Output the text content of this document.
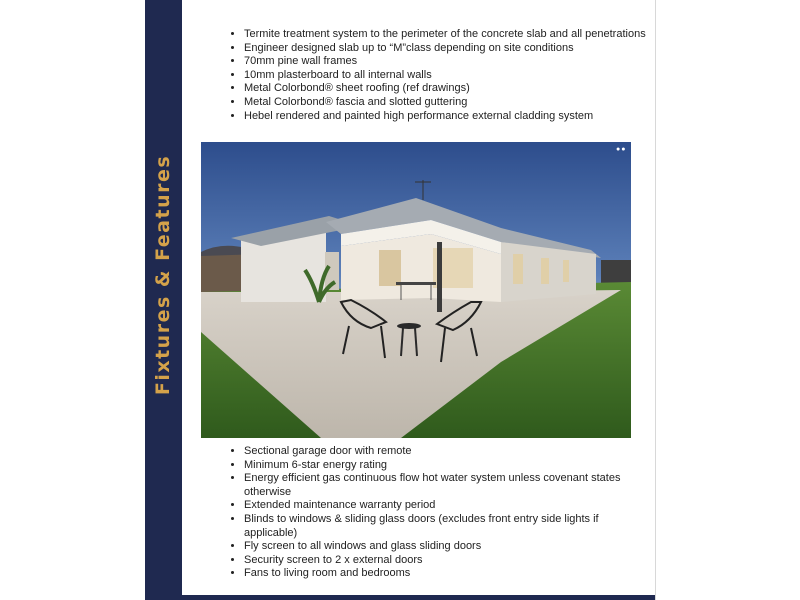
Fixtures & Features
• Termite treatment system to the perimeter of the concrete slab and all penetrations
• Engineer designed slab up to “M”class depending on site conditions
• 70mm pine wall frames
• 10mm plasterboard to all internal walls
• Metal Colorbond® sheet roofing (ref drawings)
• Metal Colorbond® fascia and slotted guttering
• Hebel rendered and painted high performance external cladding system
●●
• Sectional garage door with remote
• Minimum 6-star energy rating
• Energy efficient gas continuous flow hot water system unless covenant states otherwise
• Extended maintenance warranty period
• Blinds to windows & sliding glass doors (excludes front entry side lights if applicable)
• Fly screen to all windows and glass sliding doors
• Security screen to 2 x external doors
• Fans to living room and bedrooms
